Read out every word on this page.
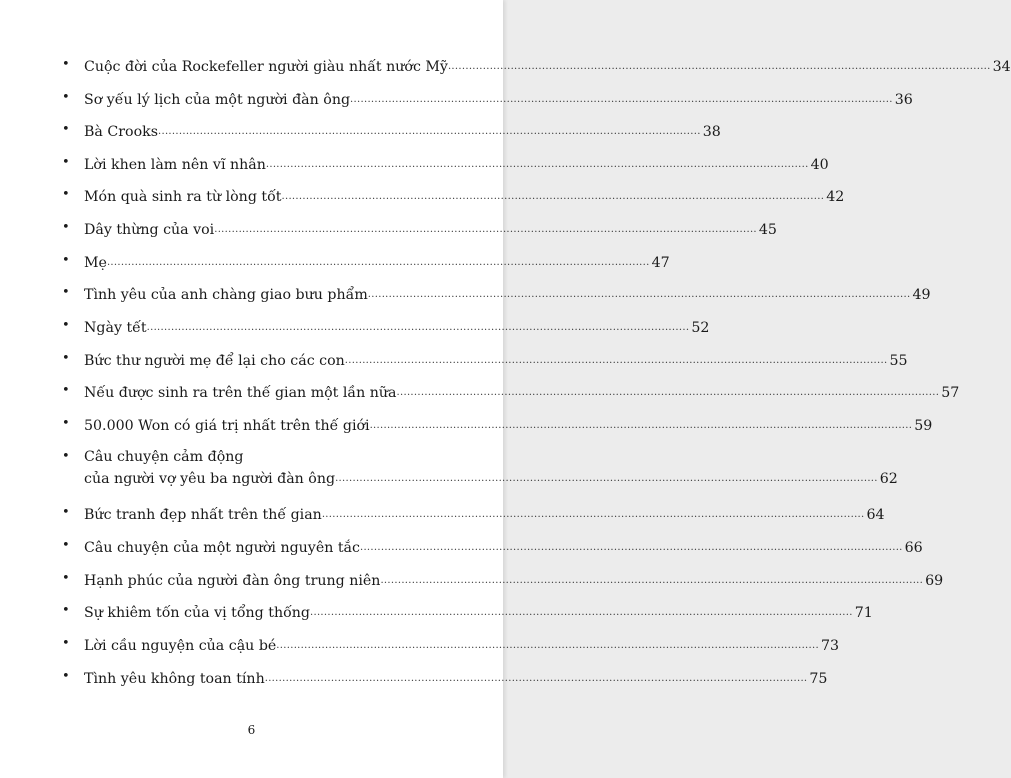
•	Cuộc đời của Rockefeller người giàu nhất nước Mỹ .....	34
•	Sơ yếu lý lịch của một người đàn ông .....	36
•	Bà Crooks .....	38
•	Lời khen làm nên vĩ nhân .....	40
•	Món quà sinh ra từ lòng tốt .....	42
•	Dây thừng của voi .....	45
•	Mẹ .....	47
•	Tình yêu của anh chàng giao bưu phẩm .....	49
•	Ngày tết .....	52
•	Bức thư người mẹ để lại cho các con .....	55
•	Nếu được sinh ra trên thế gian một lần nữa .....	57
•	50.000 Won có giá trị nhất trên thế giới .....	59
•	Câu chuyện cảm động
của người vợ yêu ba người đàn ông .....	62
•	Bức tranh đẹp nhất trên thế gian .....	64
•	Câu chuyện của một người nguyên tắc .....	66
•	Hạnh phúc của người đàn ông trung niên .....	69
•	Sự khiêm tốn của vị tổng thống .....	71
•	Lời cầu nguyện của cậu bé .....	73
•	Tình yêu không toan tính .....	75
6
